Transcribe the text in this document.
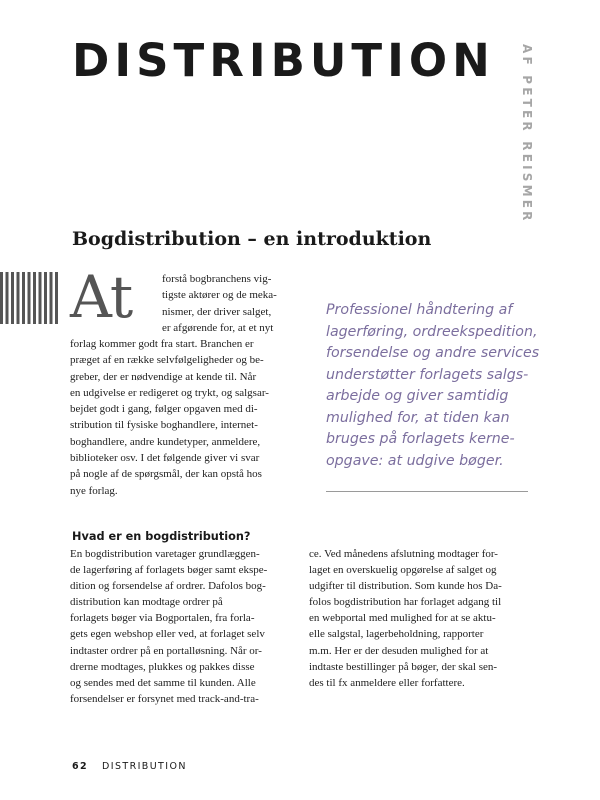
DISTRIBUTION	AF PETER REISMER
Bogdistribution – en introduktion
At	forstå bogbranchens vig-
tigste aktører og de meka-
nismer, der driver salget,
er afgørende for, at et nyt
forlag kommer godt fra start. Branchen er
præget af en række selvfølgeligheder og be-
greber, der er nødvendige at kende til. Når
en udgivelse er redigeret og trykt, og salgsar-
bejdet godt i gang, følger opgaven med di-
stribution til fysiske boghandlere, internet-
boghandlere, andre kundetyper, anmeldere,
biblioteker osv. I det følgende giver vi svar
på nogle af de spørgsmål, der kan opstå hos
nye forlag.
Professionel håndtering af
lagerføring, ordreekspedition,
forsendelse og andre services
understøtter forlagets salgs-
arbejde og giver samtidig
mulighed for, at tiden kan
bruges på forlagets kerne-
opgave: at udgive bøger.
Hvad er en bogdistribution?
En bogdistribution varetager grundlæggen-
de lagerføring af forlagets bøger samt ekspe-
dition og forsendelse af ordrer. Dafolos bog-
distribution kan modtage ordrer på
forlagets bøger via Bogportalen, fra forla-
gets egen webshop eller ved, at forlaget selv
indtaster ordrer på en portalløsning. Når or-
drerne modtages, plukkes og pakkes disse
og sendes med det samme til kunden. Alle
forsendelser er forsynet med track-and-tra-
ce. Ved månedens afslutning modtager for-
laget en overskuelig opgørelse af salget og
udgifter til distribution. Som kunde hos Da-
folos bogdistribution har forlaget adgang til
en webportal med mulighed for at se aktu-
elle salgstal, lagerbeholdning, rapporter
m.m. Her er der desuden mulighed for at
indtaste bestillinger på bøger, der skal sen-
des til fx anmeldere eller forfattere.
62 DISTRIBUTION
